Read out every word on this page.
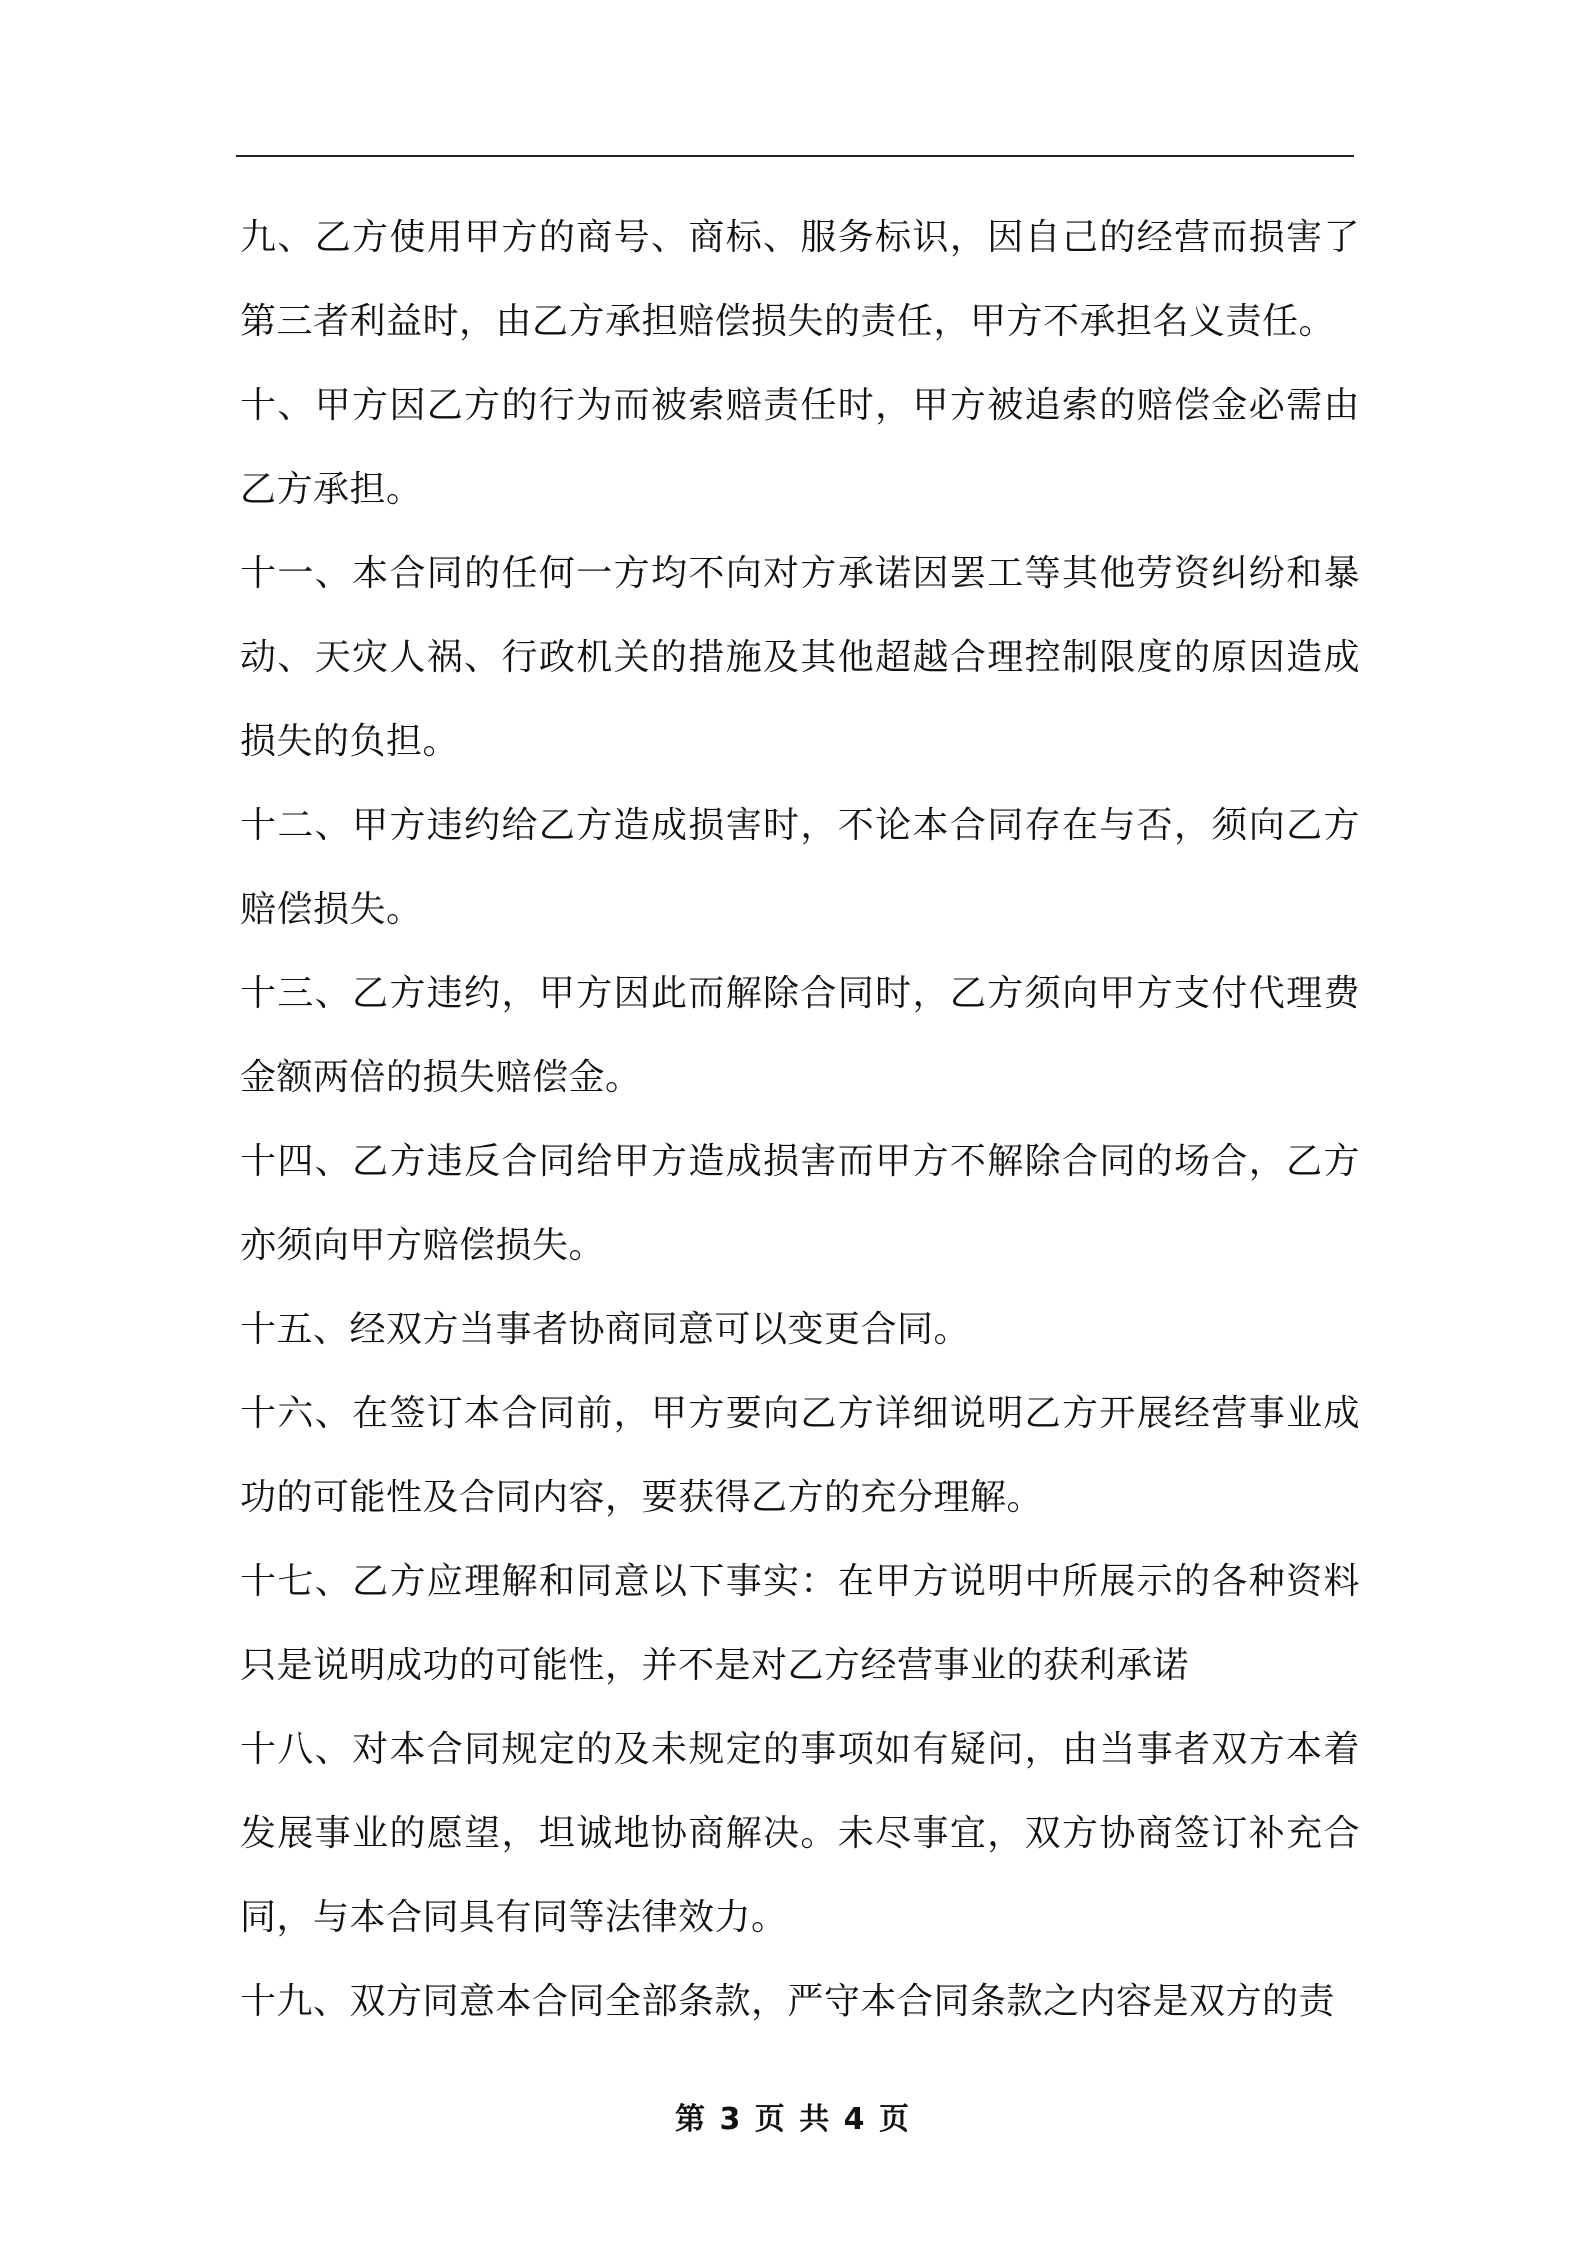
九、乙方使用甲方的商号、商标、服务标识，因自己的经营而损害了第三者利益时，由乙方承担赔偿损失的责任，甲方不承担名义责任。

十、甲方因乙方的行为而被索赔责任时，甲方被追索的赔偿金必需由乙方承担。

十一、本合同的任何一方均不向对方承诺因罢工等其他劳资纠纷和暴动、天灾人祸、行政机关的措施及其他超越合理控制限度的原因造成损失的负担。

十二、甲方违约给乙方造成损害时，不论本合同存在与否，须向乙方赔偿损失。

十三、乙方违约，甲方因此而解除合同时，乙方须向甲方支付代理费金额两倍的损失赔偿金。

十四、乙方违反合同给甲方造成损害而甲方不解除合同的场合，乙方亦须向甲方赔偿损失。

十五、经双方当事者协商同意可以变更合同。

十六、在签订本合同前，甲方要向乙方详细说明乙方开展经营事业成功的可能性及合同内容，要获得乙方的充分理解。

十七、乙方应理解和同意以下事实：在甲方说明中所展示的各种资料只是说明成功的可能性，并不是对乙方经营事业的获利承诺

十八、对本合同规定的及未规定的事项如有疑问，由当事者双方本着发展事业的愿望，坦诚地协商解决。未尽事宜，双方协商签订补充合同，与本合同具有同等法律效力。

十九、双方同意本合同全部条款，严守本合同条款之内容是双方的责

第 3 页 共 4 页
